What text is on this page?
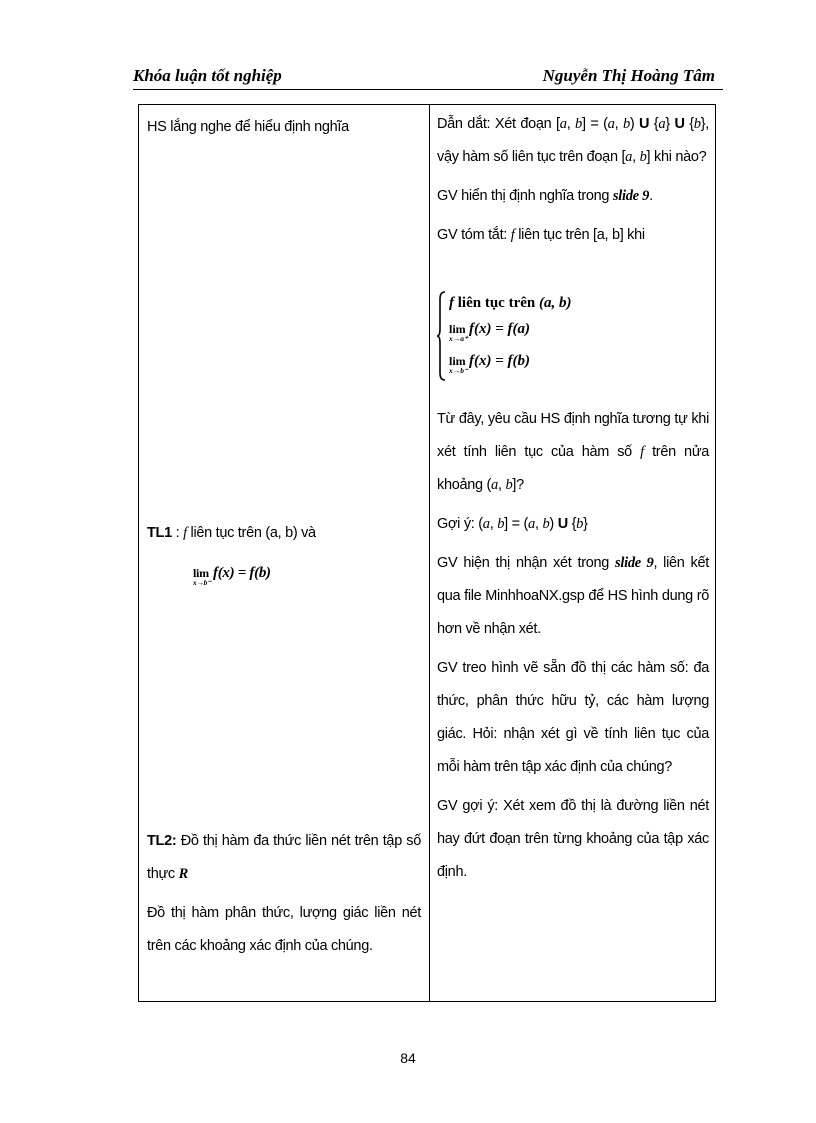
Khóa luận tốt nghiệp	Nguyễn Thị Hoàng Tâm

HS lắng nghe để hiểu định nghĩa

TL1 : f liên tục trên (a, b) và

lim
x→b⁻
f(x) = f(b)

TL2: Đồ thị hàm đa thức liền nét trên tập số thực R

Đồ thị hàm phân thức, lượng giác liền nét trên các khoảng xác định của chúng.

Dẫn dắt: Xét đoạn [a, b] = (a, b) U {a} U {b}, vậy hàm số liên tục trên đoạn [a, b] khi nào?

GV hiển thị định nghĩa trong slide 9.

GV tóm tắt: f liên tục trên [a, b] khi

f liên tục trên (a, b)
lim
x→a⁺
f(x) = f(a)
lim
x→b⁻
f(x) = f(b)

Từ đây, yêu cầu HS định nghĩa tương tự khi xét tính liên tục của hàm số f trên nửa khoảng (a, b]?

Gợi ý: (a, b] = (a, b) U {b}

GV hiện thị nhận xét trong slide 9, liên kết qua file MinhhoaNX.gsp để HS hình dung rõ hơn về nhận xét.

GV treo hình vẽ sẵn đồ thị các hàm số: đa thức, phân thức hữu tỷ, các hàm lượng giác. Hỏi: nhận xét gì về tính liên tục của mỗi hàm trên tập xác định của chúng?

GV gợi ý: Xét xem đồ thị là đường liền nét hay đứt đoạn trên từng khoảng của tập xác định.

84
